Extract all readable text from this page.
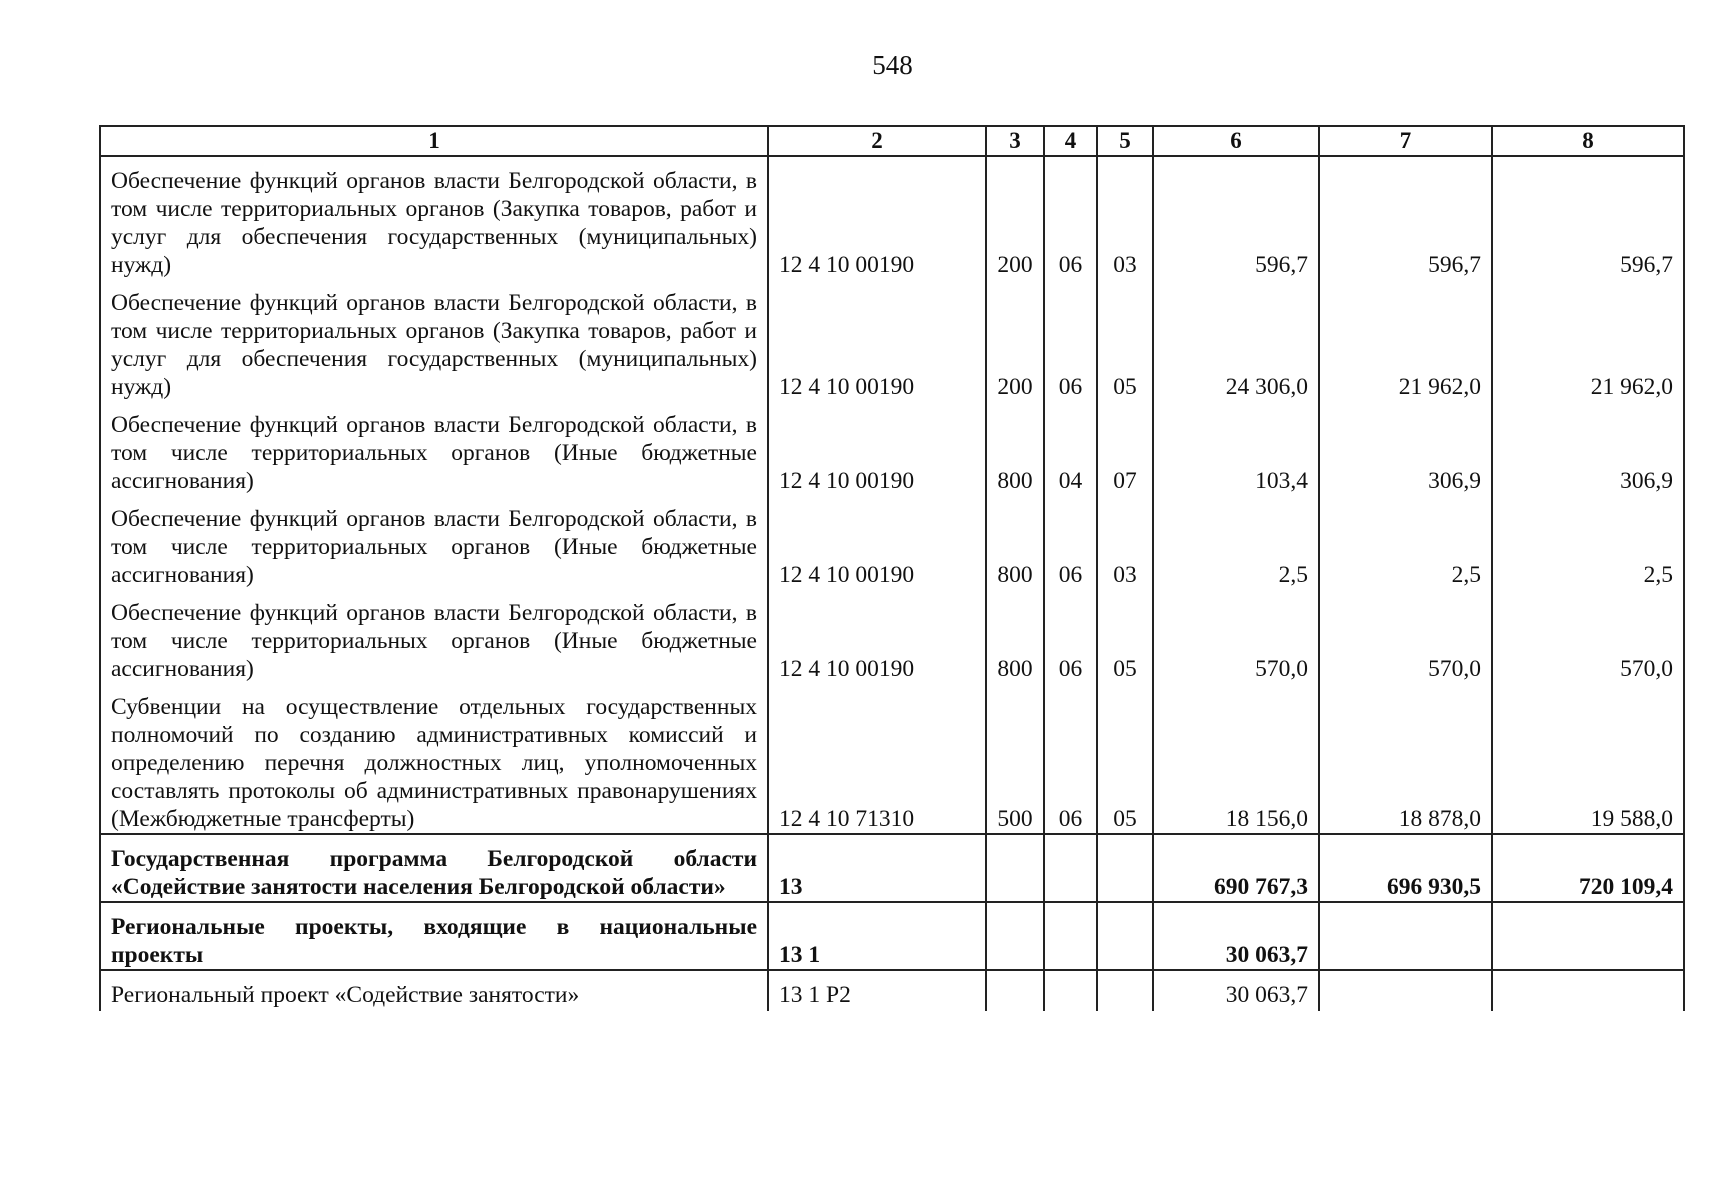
548
1	2	3	4	5	6	7	8
Обеспечение функций органов власти Белгородской области, в том числе территориальных органов (Закупка товаров, работ и услуг для обеспечения государственных (муниципальных) нужд)	12 4 10 00190	200	06	03	596,7	596,7	596,7
Обеспечение функций органов власти Белгородской области, в том числе территориальных органов (Закупка товаров, работ и услуг для обеспечения государственных (муниципальных) нужд)	12 4 10 00190	200	06	05	24 306,0	21 962,0	21 962,0
Обеспечение функций органов власти Белгородской области, в том числе территориальных органов (Иные бюджетные ассигнования)	12 4 10 00190	800	04	07	103,4	306,9	306,9
Обеспечение функций органов власти Белгородской области, в том числе территориальных органов (Иные бюджетные ассигнования)	12 4 10 00190	800	06	03	2,5	2,5	2,5
Обеспечение функций органов власти Белгородской области, в том числе территориальных органов (Иные бюджетные ассигнования)	12 4 10 00190	800	06	05	570,0	570,0	570,0
Субвенции на осуществление отдельных государственных полномочий по созданию административных комиссий и определению перечня должностных лиц, уполномоченных составлять протоколы об административных правонарушениях (Межбюджетные трансферты)	12 4 10 71310	500	06	05	18 156,0	18 878,0	19 588,0
Государственная программа Белгородской области «Содействие занятости населения Белгородской области»	13				690 767,3	696 930,5	720 109,4
Региональные проекты, входящие в национальные проекты	13 1				30 063,7		
Региональный проект «Содействие занятости»	13 1 P2				30 063,7		
